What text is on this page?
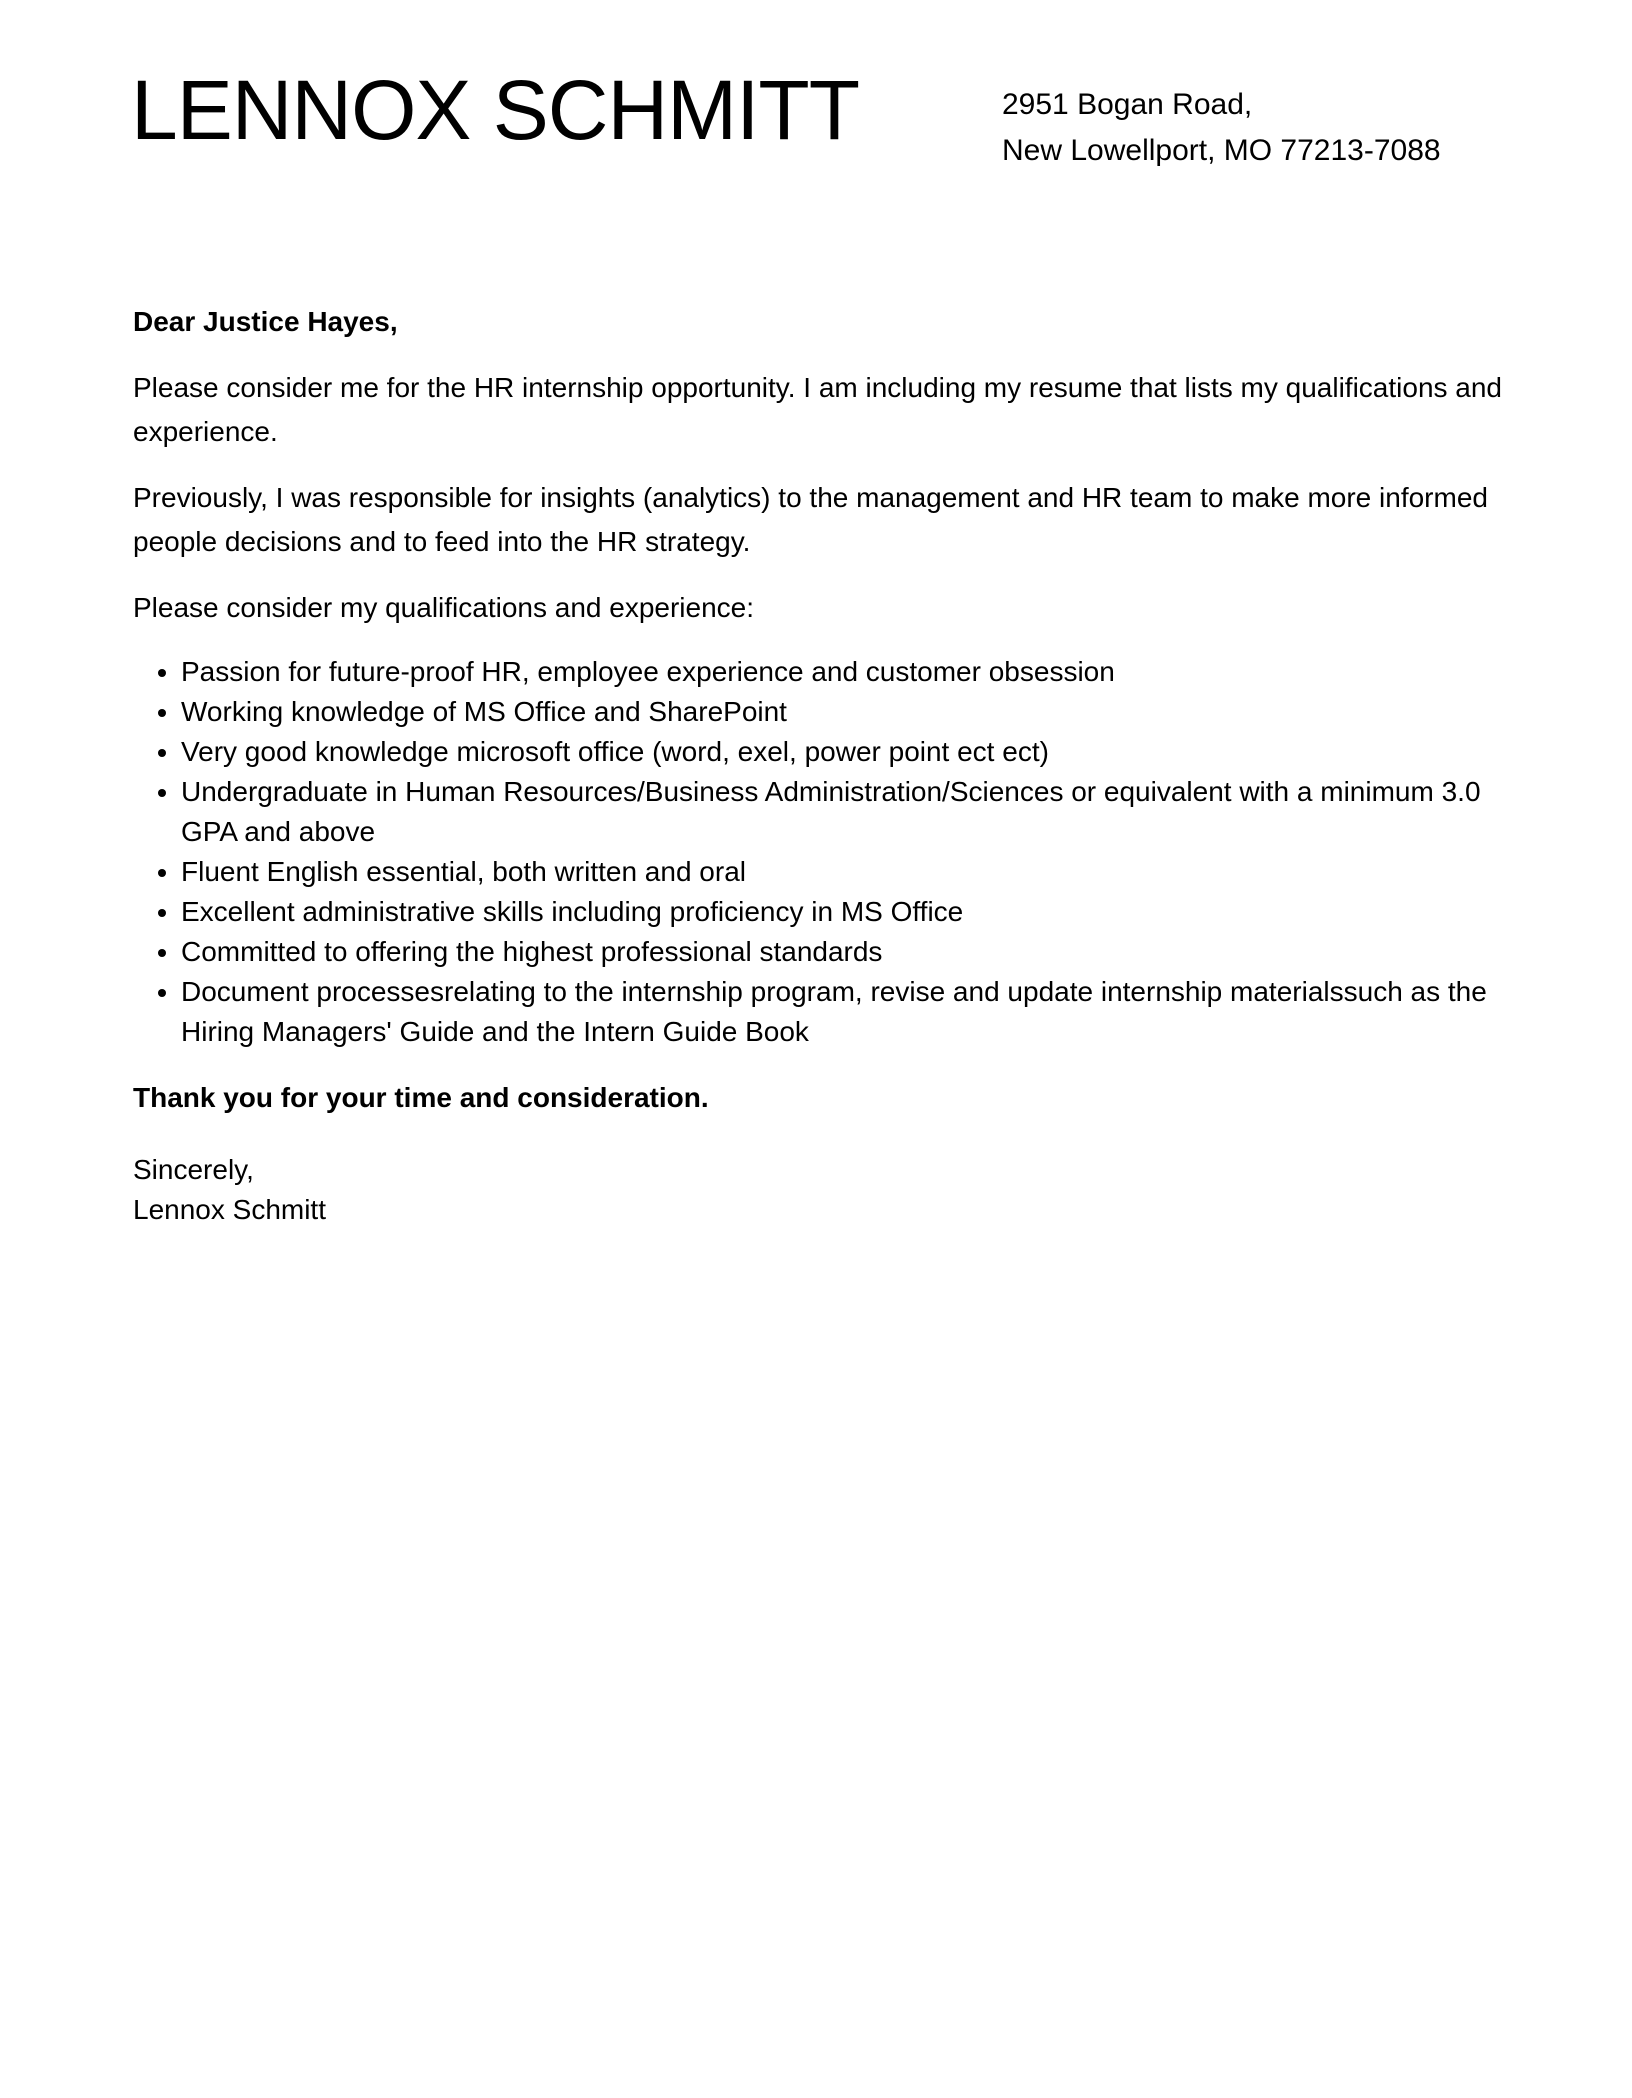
LENNOX SCHMITT	2951 Bogan Road,
New Lowellport, MO 77213-7088

Dear Justice Hayes,

Please consider me for the HR internship opportunity. I am including my resume that lists my qualifications and experience.

Previously, I was responsible for insights (analytics) to the management and HR team to make more informed people decisions and to feed into the HR strategy.

Please consider my qualifications and experience:

• Passion for future-proof HR, employee experience and customer obsession
• Working knowledge of MS Office and SharePoint
• Very good knowledge microsoft office (word, exel, power point ect ect)
• Undergraduate in Human Resources/Business Administration/Sciences or equivalent with a minimum 3.0 GPA and above
• Fluent English essential, both written and oral
• Excellent administrative skills including proficiency in MS Office
• Committed to offering the highest professional standards
• Document processesrelating to the internship program, revise and update internship materialssuch as the Hiring Managers' Guide and the Intern Guide Book

Thank you for your time and consideration.

Sincerely,
Lennox Schmitt
